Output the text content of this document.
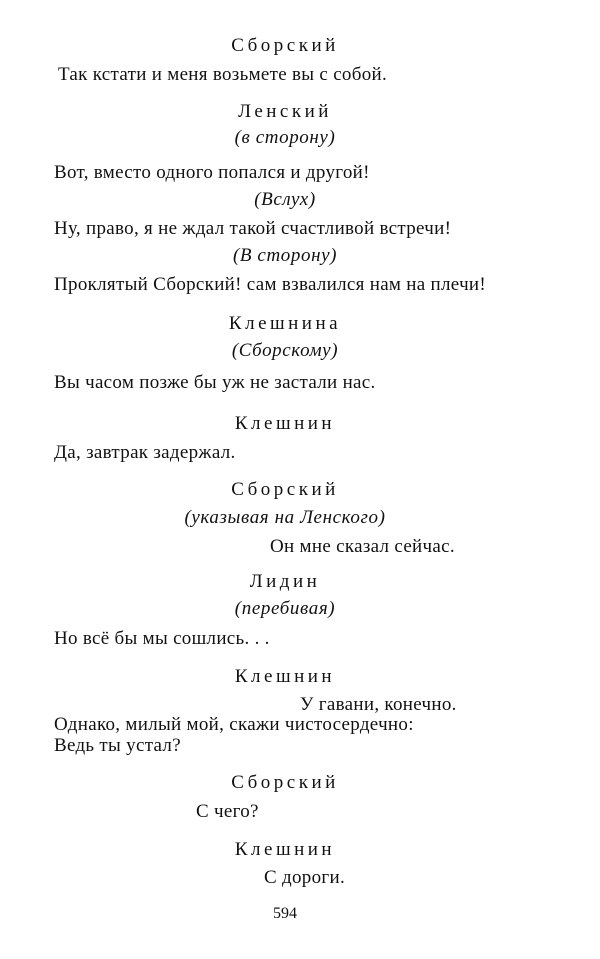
Сборский
Так кстати и меня возьмете вы с собой.
Ленский
(в сторону)
Вот, вместо одного попался и другой!
(Вслух)
Ну, право, я не ждал такой счастливой встречи!
(В сторону)
Проклятый Сборский! сам взвалился нам на плечи!
Клешнина
(Сборскому)
Вы часом позже бы уж не застали нас.
Клешнин
Да, завтрак задержал.
Сборский
(указывая на Ленского)
Он мне сказал сейчас.
Лидин
(перебивая)
Но всё бы мы сошлись. . .
Клешнин
У гавани, конечно.
Однако, милый мой, скажи чистосердечно:
Ведь ты устал?
Сборский
С чего?
Клешнин
С дороги.
594
